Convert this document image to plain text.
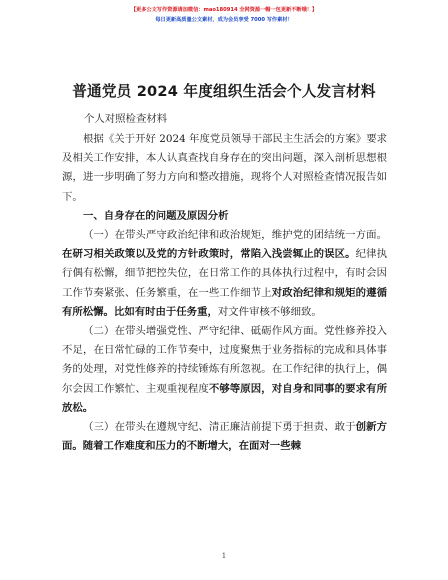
【更多公文写作资源请加微信：mao180914 全网资源一帽一包更新不断哦！】
每日更新高质量公文素材，成为会员享受 7000 写作素材！
普通党员 2024 年度组织生活会个人发言材料
个人对照检查材料

根据《关于开好 2024 年度党员领导干部民主生活会的方案》要求及相关工作安排，本人认真查找自身存在的突出问题，深入剖析思想根源，进一步明确了努力方向和整改措施，现将个人对照检查情况报告如下。

一、自身存在的问题及原因分析

（一）在带头严守政治纪律和政治规矩，维护党的团结统一方面。在研习相关政策以及党的方针政策时，常陷入浅尝辄止的误区。纪律执行偶有松懈，细节把控失位，在日常工作的具体执行过程中，有时会因工作节奏紧张、任务繁重，在一些工作细节上对政治纪律和规矩的遵循有所松懈。比如有时由于任务重，对文件审核不够细致。

（二）在带头增强党性、严守纪律、砥砺作风方面。党性修养投入不足，在日常忙碌的工作节奏中，过度聚焦于业务指标的完成和具体事务的处理，对党性修养的持续锤炼有所忽视。在工作纪律的执行上，偶尔会因工作繁忙、主观重视程度不够等原因，对自身和同事的要求有所放松。

（三）在带头在遵规守纪、清正廉洁前提下勇于担责、敢于创新方面。随着工作难度和压力的不断增大，在面对一些棘

1
